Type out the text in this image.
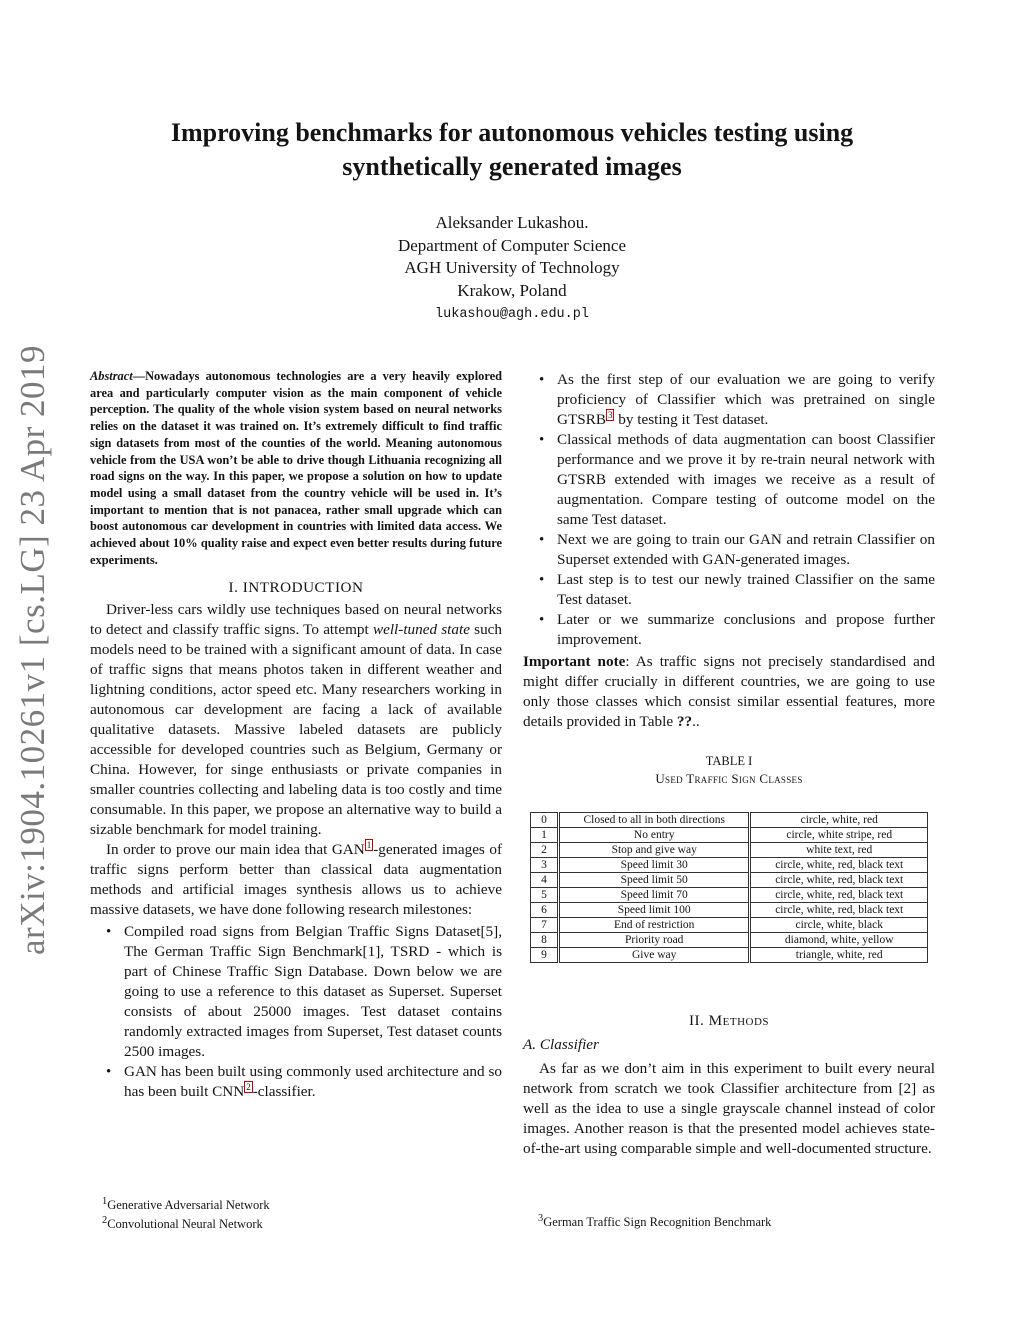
arXiv:1904.10261v1 [cs.LG] 23 Apr 2019
Improving benchmarks for autonomous vehicles testing using synthetically generated images
Aleksander Lukashou.
Department of Computer Science
AGH University of Technology
Krakow, Poland
lukashou@agh.edu.pl

Abstract—Nowadays autonomous technologies are a very heavily explored area and particularly computer vision as the main component of vehicle perception. The quality of the whole vision system based on neural networks relies on the dataset it was trained on. It’s extremely difficult to find traffic sign datasets from most of the counties of the world. Meaning autonomous vehicle from the USA won’t be able to drive though Lithuania recognizing all road signs on the way. In this paper, we propose a solution on how to update model using a small dataset from the country vehicle will be used in. It’s important to mention that is not panacea, rather small upgrade which can boost autonomous car development in countries with limited data access. We achieved about 10% quality raise and expect even better results during future experiments.

I. INTRODUCTION

Driver-less cars wildly use techniques based on neural networks to detect and classify traffic signs. To attempt well-tuned state such models need to be trained with a significant amount of data. In case of traffic signs that means photos taken in different weather and lightning conditions, actor speed etc. Many researchers working in autonomous car development are facing a lack of available qualitative datasets. Massive labeled datasets are publicly accessible for developed countries such as Belgium, Germany or China. However, for singe enthusiasts or private companies in smaller countries collecting and labeling data is too costly and time consumable. In this paper, we propose an alternative way to build a sizable benchmark for model training.

In order to prove our main idea that GAN $^1$ -generated images of traffic signs perform better than classical data augmentation methods and artificial images synthesis allows us to achieve massive datasets, we have done following research milestones:

• Compiled road signs from Belgian Traffic Signs Dataset[5], The German Traffic Sign Benchmark[1], TSRD - which is part of Chinese Traffic Sign Database. Down below we are going to use a reference to this dataset as Superset. Superset consists of about 25000 images. Test dataset contains randomly extracted images from Superset, Test dataset counts 2500 images.
• GAN has been built using commonly used architecture and so has been built CNN $^2$ -classifier.
• As the first step of our evaluation we are going to verify proficiency of Classifier which was pretrained on single GTSRB $^3$ by testing it Test dataset.
• Classical methods of data augmentation can boost Classifier performance and we prove it by re-train neural network with GTSRB extended with images we receive as a result of augmentation. Compare testing of outcome model on the same Test dataset.
• Next we are going to train our GAN and retrain Classifier on Superset extended with GAN-generated images.
• Last step is to test our newly trained Classifier on the same Test dataset.
• Later or we summarize conclusions and propose further improvement.

Important note: As traffic signs not precisely standardised and might differ crucially in different countries, we are going to use only those classes which consist similar essential features, more details provided in Table ??..

TABLE I
Used Traffic Sign Classes
0	Closed to all in both directions	circle, white, red
1	No entry	circle, white stripe, red
2	Stop and give way	white text, red
3	Speed limit 30	circle, white, red, black text
4	Speed limit 50	circle, white, red, black text
5	Speed limit 70	circle, white, red, black text
6	Speed limit 100	circle, white, red, black text
7	End of restriction	circle, white, black
8	Priority road	diamond, white, yellow
9	Give way	triangle, white, red
II. Methods
A. Classifier

As far as we don’t aim in this experiment to built every neural network from scratch we took Classifier architecture from [2] as well as the idea to use a single grayscale channel instead of color images. Another reason is that the presented model achieves state-of-the-art using comparable simple and well-documented structure.

$^1$Generative Adversarial Network
$^2$Convolutional Neural Network	$^3$German Traffic Sign Recognition Benchmark
